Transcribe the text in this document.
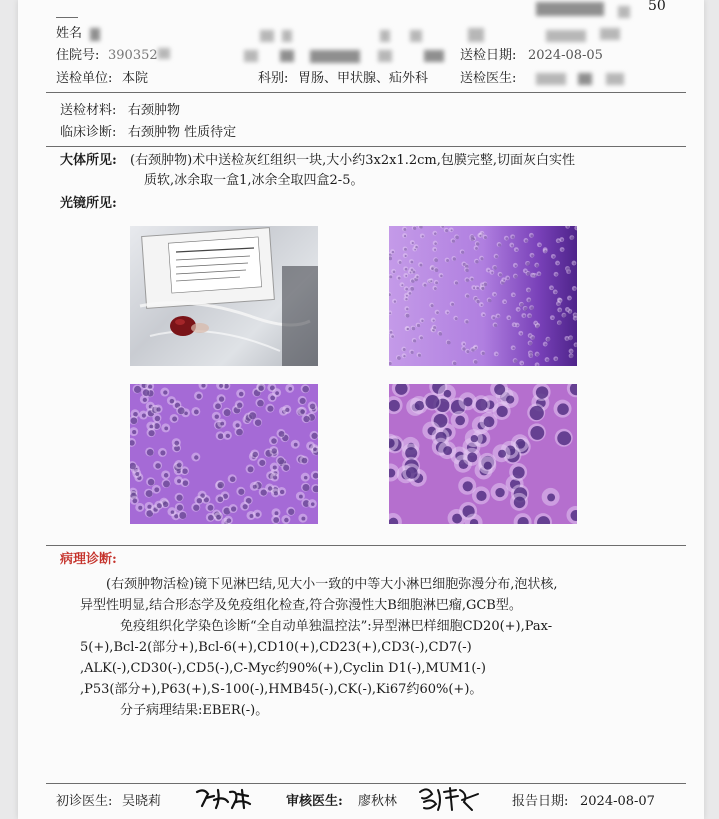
50
姓名
住院号: 390352	送检日期: 2024-08-05
送检单位: 本院	科别: 胃肠、甲状腺、疝外科 送检医生:
送检材料: 右颈肿物
临床诊断: 右颈肿物 性质待定
大体所见: (右颈肿物)术中送检灰红组织一块,大小约3x2x1.2cm,包膜完整,切面灰白实性
质软,冰余取一盒1,冰余全取四盒2-5。
光镜所见:
病理诊断:

(右颈肿物活检)镜下见淋巴结,见大小一致的中等大小淋巴细胞弥漫分布,泡状核,

异型性明显,结合形态学及免疫组化检查,符合弥漫性大B细胞淋巴瘤,GCB型。

免疫组织化学染色诊断“全自动单独温控法”:异型淋巴样细胞CD20(+),Pax-

5(+),Bcl-2(部分+),Bcl-6(+),CD10(+),CD23(+),CD3(-),CD7(-)

,ALK(-),CD30(-),CD5(-),C-Myc约90%(+),Cyclin D1(-),MUM1(-)

,P53(部分+),P63(+),S-100(-),HMB45(-),CK(-),Ki67约60%(+)。

分子病理结果:EBER(-)。

初诊医生: 吴晓莉	审核医生: 廖秋林	报告日期: 2024-08-07
